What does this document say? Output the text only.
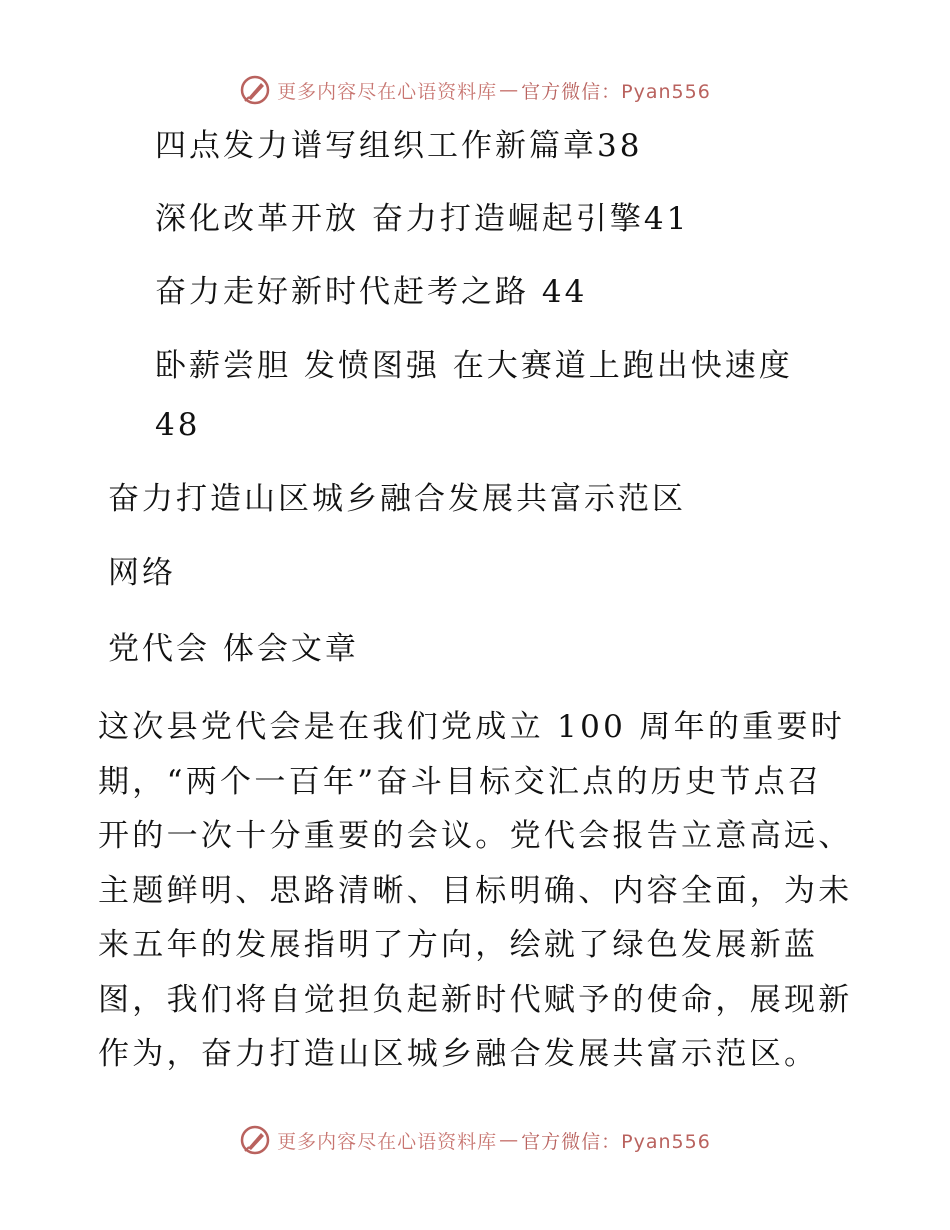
更多内容尽在心语资料库 — 官方微信：Pyan556
四点发力谱写组织工作新篇章38
深化改革开放 奋力打造崛起引擎41
奋力走好新时代赶考之路 44
卧薪尝胆 发愤图强 在大赛道上跑出快速度
48
奋力打造山区城乡融合发展共富示范区
网络
党代会 体会文章
这次县党代会是在我们党成立 100 周年的重要时
期，“两个一百年”奋斗目标交汇点的历史节点召
开的一次十分重要的会议。党代会报告立意高远、
主题鲜明、思路清晰、目标明确、内容全面，为未
来五年的发展指明了方向，绘就了绿色发展新蓝
图，我们将自觉担负起新时代赋予的使命，展现新
作为，奋力打造山区城乡融合发展共富示范区。
更多内容尽在心语资料库 — 官方微信：Pyan556
